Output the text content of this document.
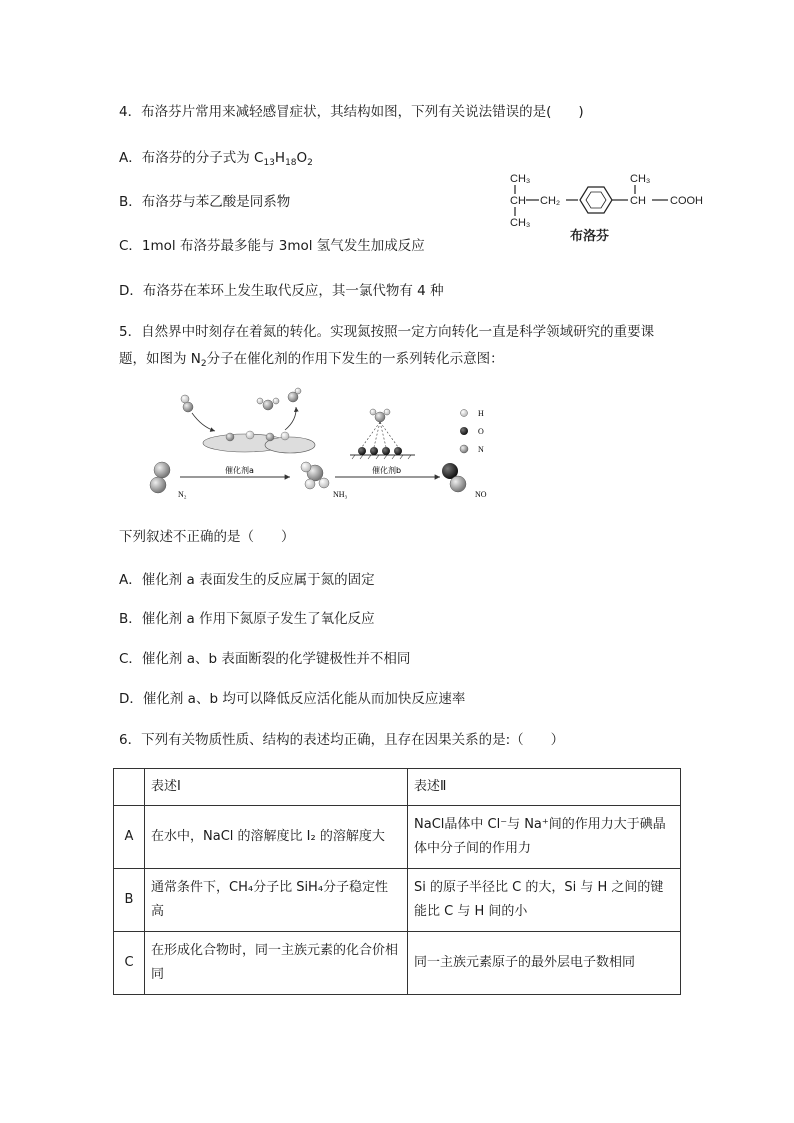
4．布洛芬片常用来减轻感冒症状，其结构如图，下列有关说法错误的是(　　)
A．布洛芬的分子式为 $C_{13}H_{18}O_2$
B．布洛芬与苯乙酸是同系物
C．1mol 布洛芬最多能与 3mol 氢气发生加成反应
D．布洛芬在苯环上发生取代反应，其一氯代物有 4 种
CH₃
CH CH₂
CH₃
CH₃
CH COOH
布洛芬
5．自然界中时刻存在着氮的转化。实现氮按照一定方向转化一直是科学领域研究的重要课
题，如图为 $N_2$分子在催化剂的作用下发生的一系列转化示意图：
N₂
催化剂a
NH₃
催化剂b
NO
H
O
N
下列叙述不正确的是（　　）
A．催化剂 a 表面发生的反应属于氮的固定
B．催化剂 a 作用下氮原子发生了氧化反应
C．催化剂 a、b 表面断裂的化学键极性并不相同
D．催化剂 a、b 均可以降低反应活化能从而加快反应速率
6．下列有关物质性质、结构的表述均正确，且存在因果关系的是:（　　）
	表述Ⅰ	表述Ⅱ
A	在水中，NaCl 的溶解度比 I₂ 的溶解度大	NaCl晶体中 Cl⁻与 Na⁺间的作用力大于碘晶体中分子间的作用力
B	通常条件下，CH₄分子比 SiH₄分子稳定性高	Si 的原子半径比 C 的大，Si 与 H 之间的键能比 C 与 H 间的小
C	在形成化合物时，同一主族元素的化合价相同	同一主族元素原子的最外层电子数相同
